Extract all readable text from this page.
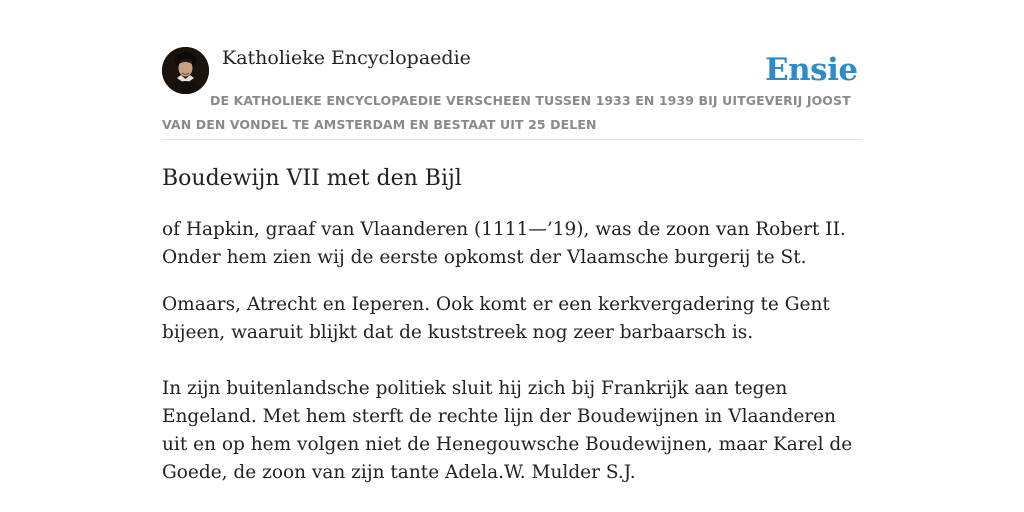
Katholieke Encyclopaedie	Ensie
DE KATHOLIEKE ENCYCLOPAEDIE VERSCHEEN TUSSEN 1933 EN 1939 BIJ UITGEVERIJ JOOST VAN DEN VONDEL TE AMSTERDAM EN BESTAAT UIT 25 DELEN
Boudewijn VII met den Bijl

of Hapkin, graaf van Vlaanderen (1111—’19), was de zoon van Robert II. Onder hem zien wij de eerste opkomst der Vlaamsche burgerij te St.

Omaars, Atrecht en Ieperen. Ook komt er een kerkvergadering te Gent bijeen, waaruit blijkt dat de kuststreek nog zeer barbaarsch is.

In zijn buitenlandsche politiek sluit hij zich bij Frankrijk aan tegen Engeland. Met hem sterft de rechte lijn der Boudewijnen in Vlaanderen uit en op hem volgen niet de Henegouwsche Boudewijnen, maar Karel de Goede, de zoon van zijn tante Adela.W. Mulder S.J.
